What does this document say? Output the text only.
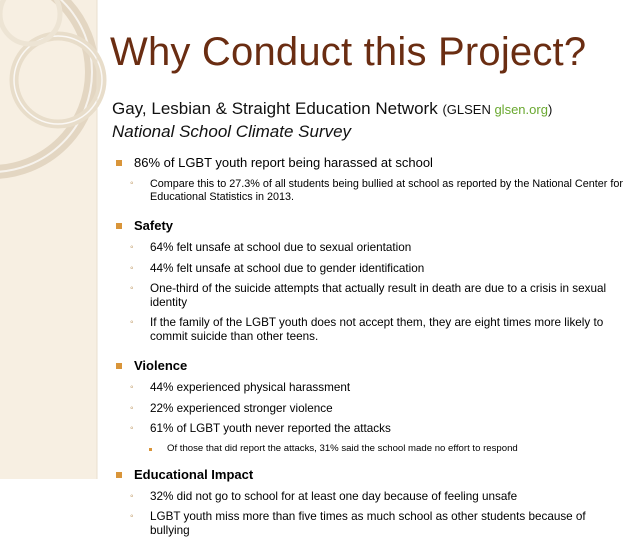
Why Conduct this Project?
Gay, Lesbian & Straight Education Network (GLSEN glsen.org)
National School Climate Survey
86% of LGBT youth report being harassed at school
◦ Compare this to 27.3% of all students being bullied at school as reported by the National Center for Educational Statistics in 2013.
Safety
◦ 64% felt unsafe at school due to sexual orientation
◦ 44% felt unsafe at school due to gender identification
◦ One-third of the suicide attempts that actually result in death are due to a crisis in sexual identity
◦ If the family of the LGBT youth does not accept them, they are eight times more likely to commit suicide than other teens.
Violence
◦ 44% experienced physical harassment
◦ 22% experienced stronger violence
◦ 61% of LGBT youth never reported the attacks
Of those that did report the attacks, 31% said the school made no effort to respond
Educational Impact
◦ 32% did not go to school for at least one day because of feeling unsafe
◦ LGBT youth miss more than five times as much school as other students because of bullying
